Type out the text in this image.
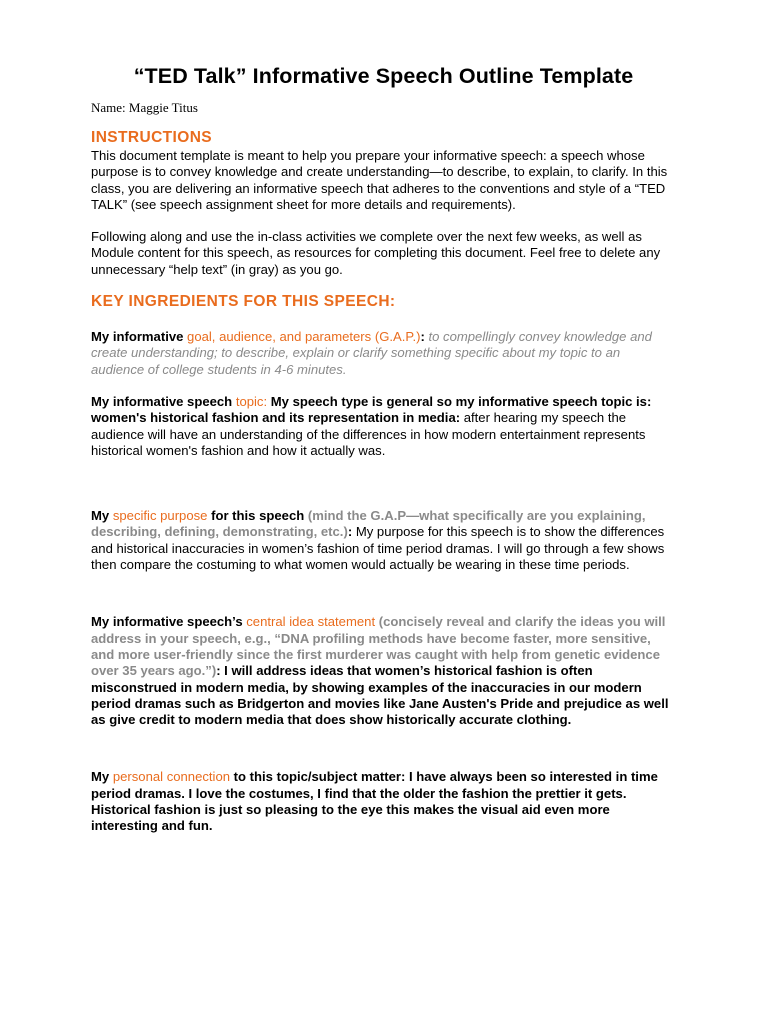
“TED Talk” Informative Speech Outline Template

Name: Maggie Titus

INSTRUCTIONS

This document template is meant to help you prepare your informative speech: a speech whose purpose is to convey knowledge and create understanding—to describe, to explain, to clarify. In this class, you are delivering an informative speech that adheres to the conventions and style of a “TED TALK” (see speech assignment sheet for more details and requirements).

Following along and use the in-class activities we complete over the next few weeks, as well as Module content for this speech, as resources for completing this document. Feel free to delete any unnecessary “help text” (in gray) as you go.

KEY INGREDIENTS FOR THIS SPEECH:

My informative goal, audience, and parameters (G.A.P.): to compellingly convey knowledge and create understanding; to describe, explain or clarify something specific about my topic to an audience of college students in 4-6 minutes.

My informative speech topic: My speech type is general so my informative speech topic is: women's historical fashion and its representation in media: after hearing my speech the audience will have an understanding of the differences in how modern entertainment represents historical women's fashion and how it actually was.

My specific purpose for this speech (mind the G.A.P—what specifically are you explaining, describing, defining, demonstrating, etc.): My purpose for this speech is to show the differences and historical inaccuracies in women’s fashion of time period dramas. I will go through a few shows then compare the costuming to what women would actually be wearing in these time periods.

My informative speech’s central idea statement (concisely reveal and clarify the ideas you will address in your speech, e.g., “DNA profiling methods have become faster, more sensitive, and more user-friendly since the first murderer was caught with help from genetic evidence over 35 years ago.”): I will address ideas that women’s historical fashion is often misconstrued in modern media, by showing examples of the inaccuracies in our modern period dramas such as Bridgerton and movies like Jane Austen's Pride and prejudice as well as give credit to modern media that does show historically accurate clothing.

My personal connection to this topic/subject matter: I have always been so interested in time period dramas. I love the costumes, I find that the older the fashion the prettier it gets. Historical fashion is just so pleasing to the eye this makes the visual aid even more interesting and fun.
